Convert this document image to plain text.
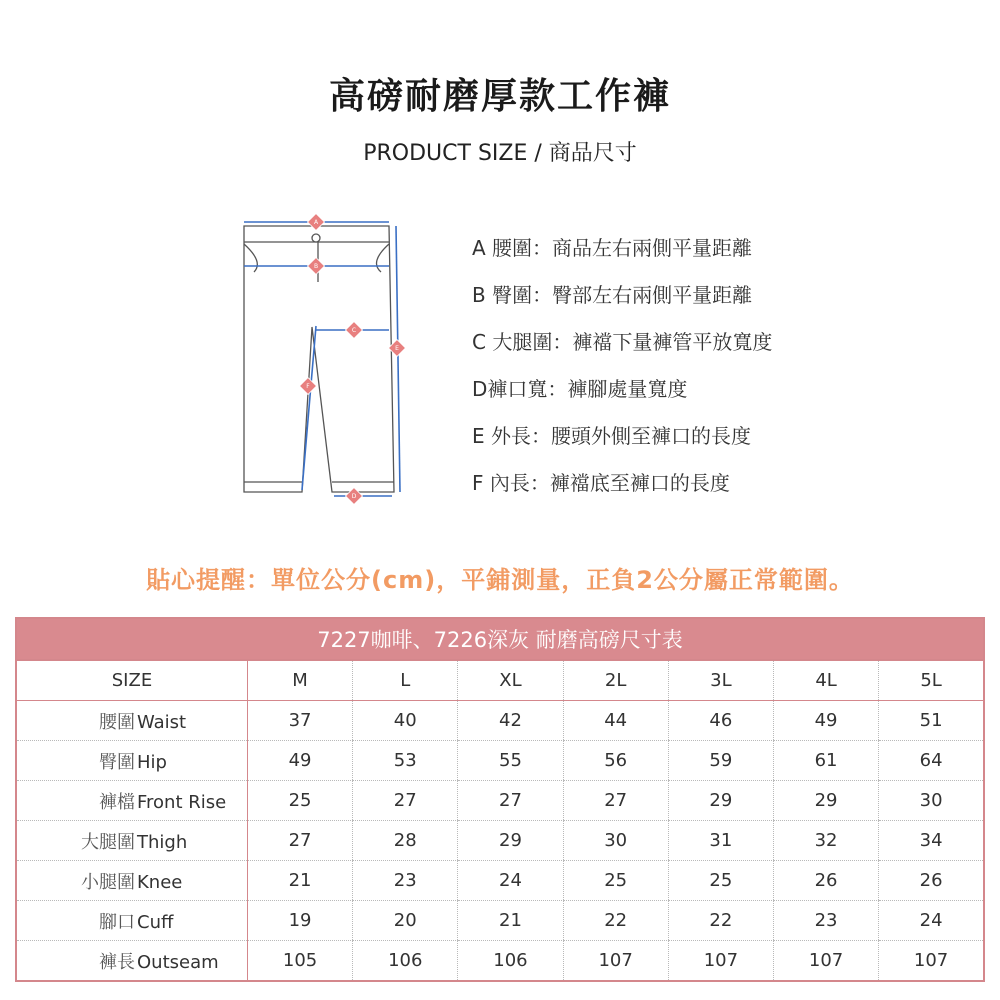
高磅耐磨厚款工作褲
PRODUCT SIZE / 商品尺寸
A
B
C
D
E
F
A 腰圍：商品左右兩側平量距離
B 臀圍：臀部左右兩側平量距離
C 大腿圍：褲襠下量褲管平放寬度
D褲口寬：褲腳處量寬度
E 外長：腰頭外側至褲口的長度
F 內長：褲襠底至褲口的長度
貼心提醒：單位公分(cm)，平鋪測量，正負2公分屬正常範圍。
7227咖啡、7226深灰 耐磨高磅尺寸表							
SIZE	M	L	XL	2L	3L	4L	5L
腰圍 Waist	37	40	42	44	46	49	51
臀圍 Hip	49	53	55	56	59	61	64
褲檔 Front Rise	25	27	27	27	29	29	30
大腿圍 Thigh	27	28	29	30	31	32	34
小腿圍 Knee	21	23	24	25	25	26	26
腳口 Cuff	19	20	21	22	22	23	24
褲長 Outseam	105	106	106	107	107	107	107
